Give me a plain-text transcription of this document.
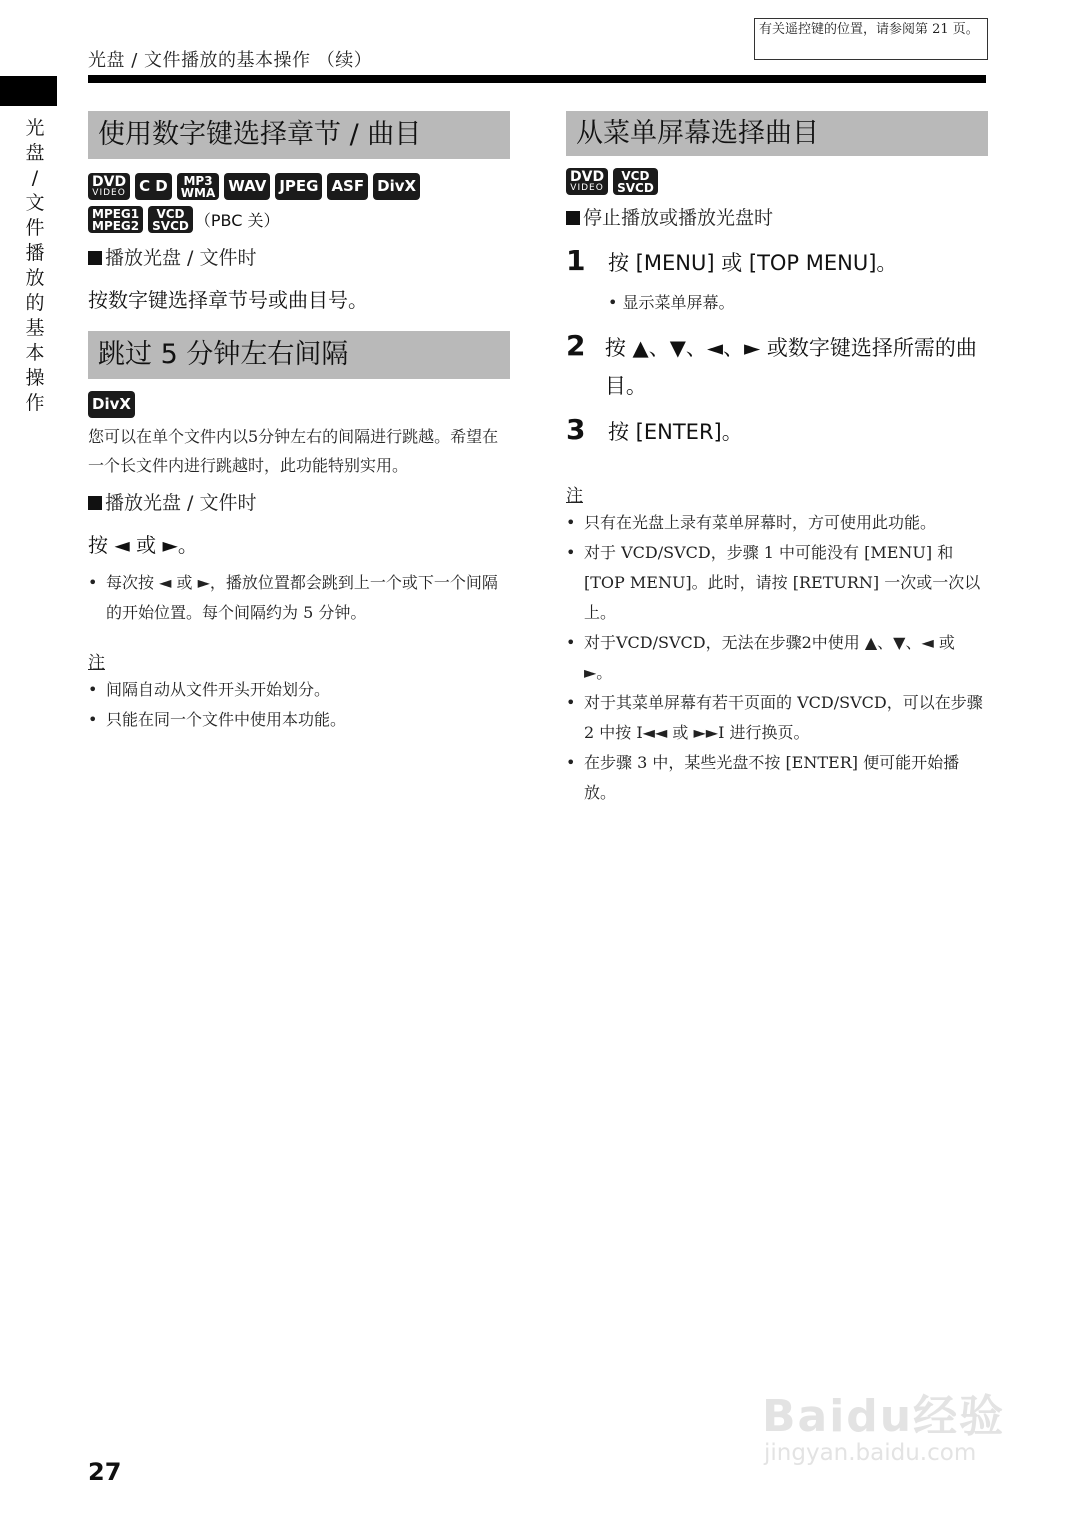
光盘 / 文件播放的基本操作 （续）
有关遥控键的位置，请参阅第 21 页。
光
盘
/
文
件
播
放
的
基
本
操
作
使用数字键选择章节 / 曲目
DVD
VIDEO C D MP3
WMA WAV JPEG ASF DivX
MPEG1
MPEG2
VCD
SVCD （PBC 关）
播放光盘 / 文件时
按数字键选择章节号或曲目号。
跳过 5 分钟左右间隔
DivX
您可以在单个文件内以5分钟左右的间隔进行跳越。希望在一个长文件内进行跳越时，此功能特别实用。
播放光盘 / 文件时
按 ◄ 或 ►。
• 每次按 ◄ 或 ►，播放位置都会跳到上一个或下一个间隔的开始位置。每个间隔约为 5 分钟。
注
• 间隔自动从文件开头开始划分。
• 只能在同一个文件中使用本功能。
从菜单屏幕选择曲目
DVD
VIDEO
VCD
SVCD
停止播放或播放光盘时
1	按 [MENU] 或 [TOP MENU]。
• 显示菜单屏幕。
2 按 ▲、▼、◄、► 或数字键选择所需的曲目。
3	按 [ENTER]。
注
• 只有在光盘上录有菜单屏幕时，方可使用此功能。
• 对于 VCD/SVCD，步骤 1 中可能没有 [MENU] 和 [TOP MENU]。此时，请按 [RETURN] 一次或一次以上。
• 对于VCD/SVCD，无法在步骤2中使用 ▲、▼、◄ 或 ►。
• 对于其菜单屏幕有若干页面的 VCD/SVCD，可以在步骤 2 中按 I◄◄ 或 ►►I 进行换页。
• 在步骤 3 中，某些光盘不按 [ENTER] 便可能开始播放。
27
Baidu经验
jingyan.baidu.com
